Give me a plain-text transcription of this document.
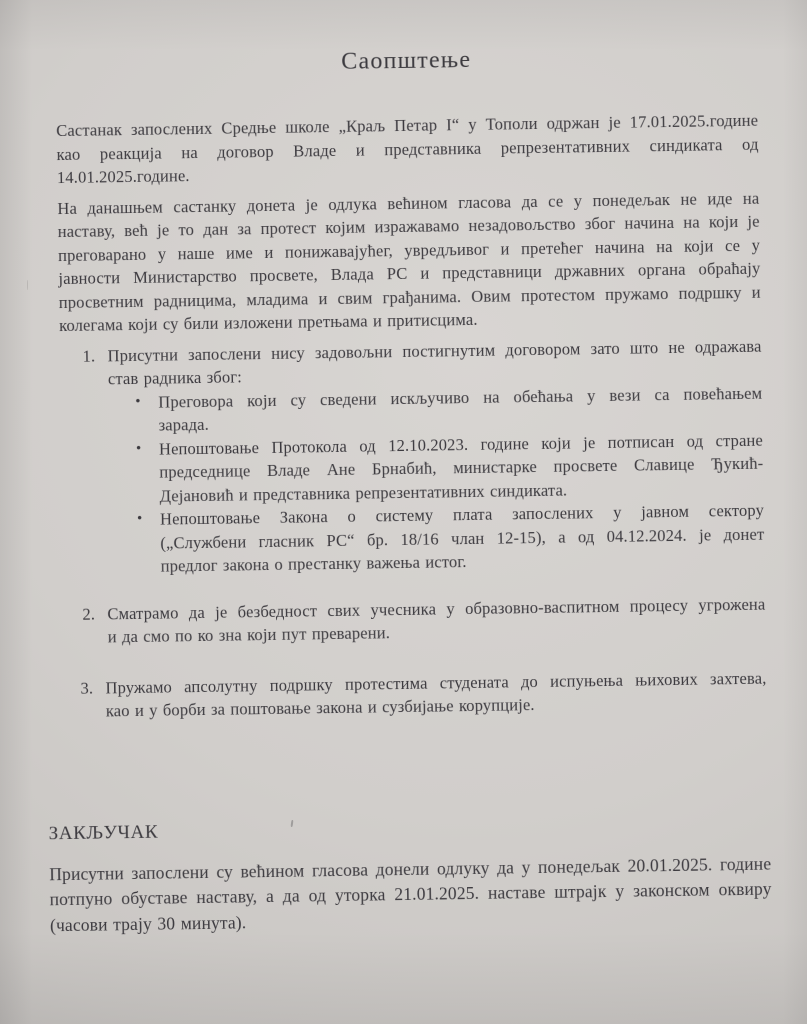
Саопштење
Састанак запослених Средње школе „Краљ Петар I“ у Тополи одржан је 17.01.2025.године
као реакција на договор Владе и представника репрезентативних синдиката од
14.01.2025.године.
На данашњем састанку донета је одлука већином гласова да се у понедељак не иде на
наставу, већ је то дан за протест којим изражавамо незадовољство због начина на који је
преговарано у наше име и понижавајућег, увредљивог и претећег начина на који се у
јавности Министарство просвете, Влада РС и представници државних органа обраћају
просветним радницима, младима и свим грађанима. Овим протестом пружамо подршку и
колегама који су били изложени претњама и притисцима.
1. Присутни запослени нису задовољни постигнутим договором зато што не одражава
став радника због:
•	Преговора који су сведени искључиво на обећања у вези са повећањем
зарада.
•	Непоштовање Протокола од 12.10.2023. године који је потписан од стране
председнице Владе Ане Брнабић, министарке просвете Славице Ђукић-
Дејановић и представника репрезентативних синдиката.
•	Непоштовање Закона о систему плата запослених у јавном сектору
(„Службени гласник РС“ бр. 18/16 члан 12-15), а од 04.12.2024. је донет
предлог закона о престанку важења истог.
2. Сматрамо да је безбедност свих учесника у образовно-васпитном процесу угрожена
и да смо по ко зна који пут преварени.
3. Пружамо апсолутну подршку протестима студената до испуњења њихових захтева,
као и у борби за поштовање закона и сузбијање корупције.
ЗАКЉУЧАК
Присутни запослени су већином гласова донели одлуку да у понедељак 20.01.2025. године
потпуно обуставе наставу, а да од уторка 21.01.2025. наставе штрајк у законском оквиру
(часови трају 30 минута).
